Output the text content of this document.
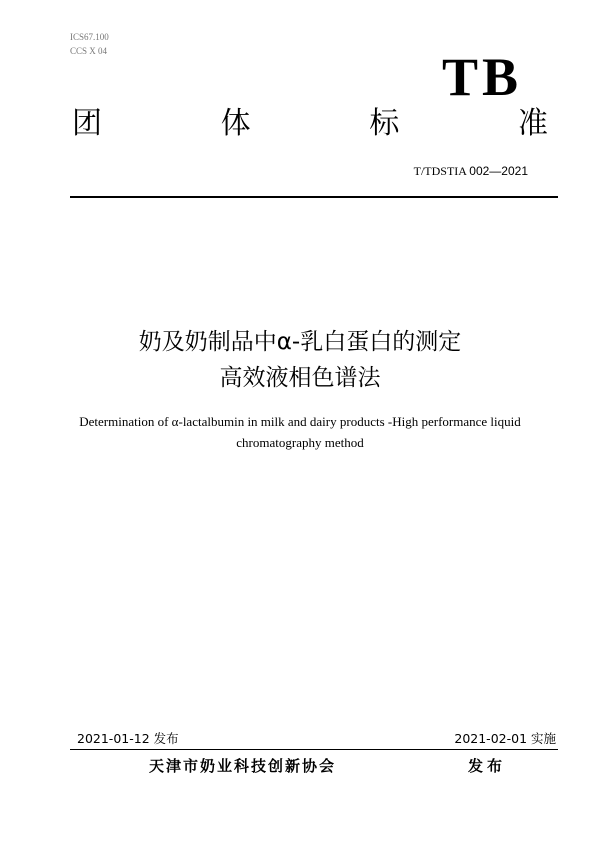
ICS67.100
CCS X 04	TB
团	体	标	准
T/TDSTIA 002—2021
奶及奶制品中α-乳白蛋白的测定
高效液相色谱法
Determination of α-lactalbumin in milk and dairy products -High performance liquid
chromatography method
2021-01-12 发布	2021-02-01 实施
天津市奶业科技创新协会	发布
